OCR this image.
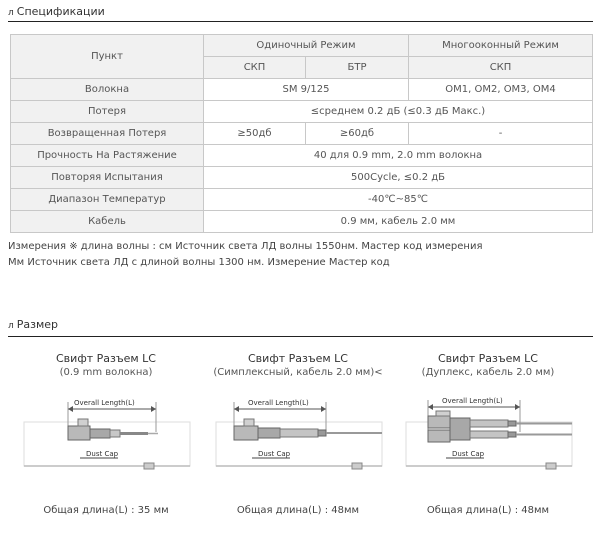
л Спецификации
Пункт	Одиночный Режим		Многооконный Режим
	СКП	БТР	СКП
Волокна	SM 9/125		OM1, OM2, OM3, OM4
Потеря	≤среднем 0.2 дБ (≤0.3 дБ Макс.)		
Возвращенная Потеря	≥50дб	≥60дб	-
Прочность На Растяжение	40 для 0.9 mm, 2.0 mm волокна		
Повторяя Испытания	500Cycle, ≤0.2 дБ		
Диапазон Температур	-40℃~85℃		
Кабель	0.9 мм, кабель 2.0 мм		
Измерения ※ длина волны : см Источник света ЛД волны 1550нм. Мастер код измерения
Мм Источник света ЛД с длиной волны 1300 нм. Измерение Мастер код
л Размер
Свифт Разъем LC
(0.9 mm волокна)
Dust Cap
Overall Length(L)
Общая длина(L) : 35 мм
Свифт Разъем LC
(Симплексный, кабель 2.0 мм)<
Dust Cap
Overall Length(L)
Общая длина(L) : 48мм
Свифт Разъем LC
(Дуплекс, кабель 2.0 мм)
Dust Cap
Overall Length(L)
Общая длина(L) : 48мм
